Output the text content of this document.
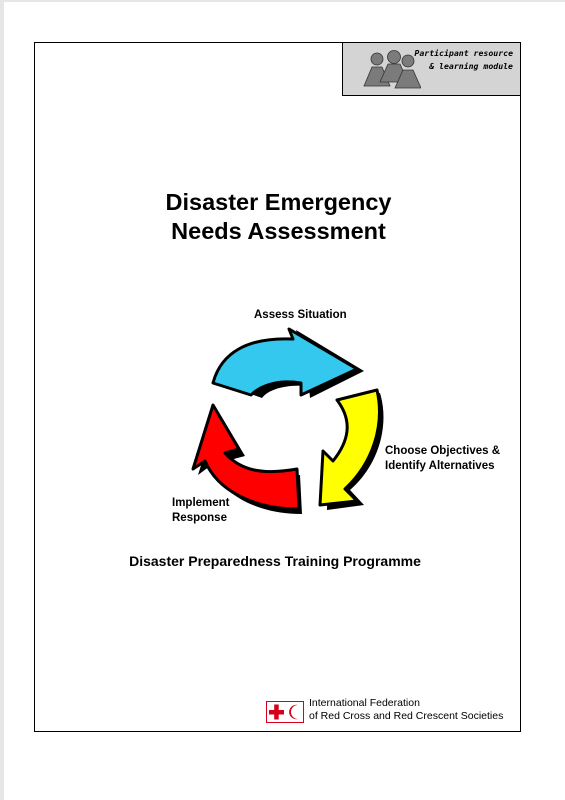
Participant resource
& learning module
Disaster Emergency
Needs Assessment
Assess Situation
Choose Objectives &
Identify Alternatives
Implement
Response
Disaster Preparedness Training Programme
International Federation
of Red Cross and Red Crescent Societies
